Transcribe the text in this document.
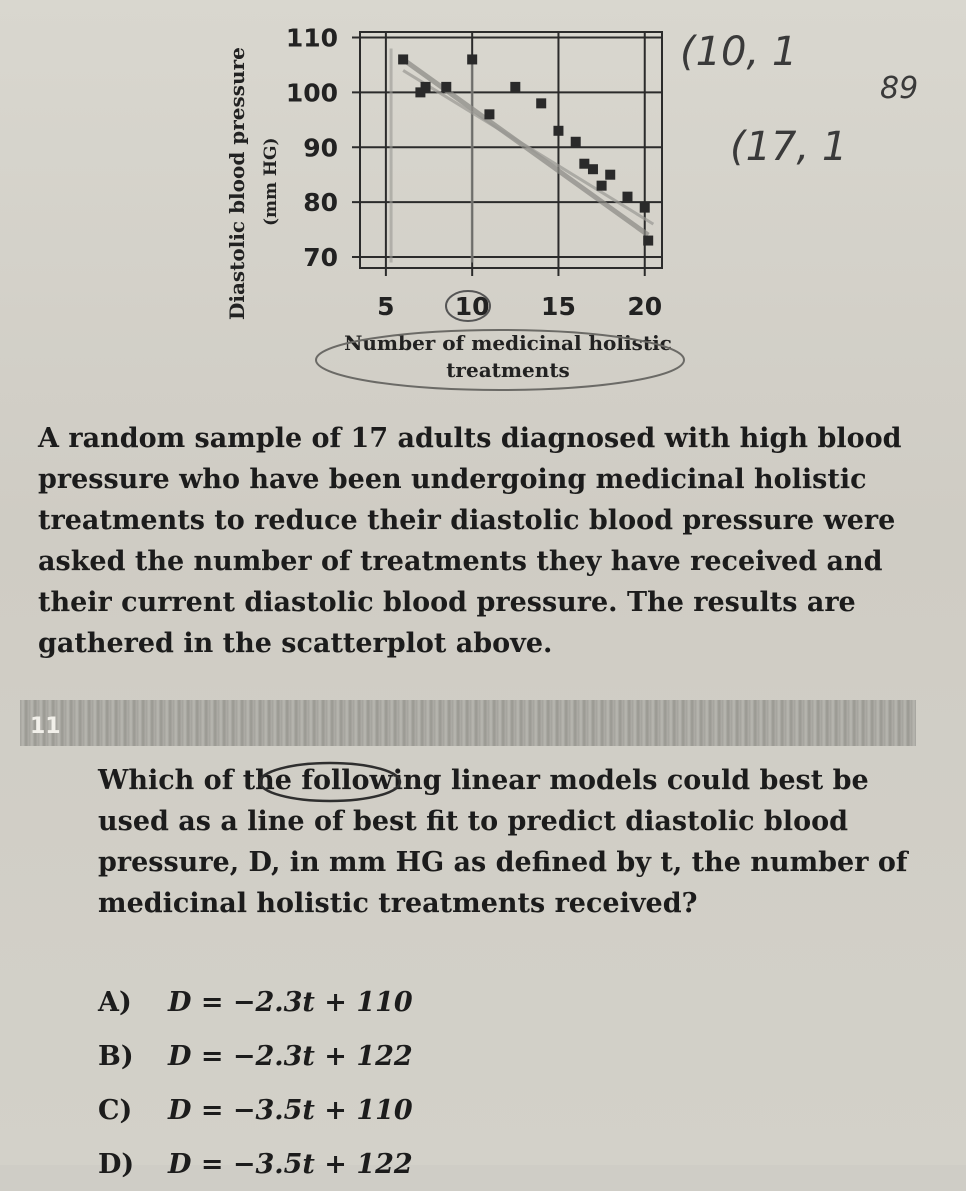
70
80
90
100
110
5 10 15 20
Diastolic blood pressure (mm HG)
Number of medicinal holistic
treatments
(10, 1
89
(17, 1
A random sample of 17 adults diagnosed with high blood pressure who have been undergoing medicinal holistic treatments to reduce their diastolic blood pressure were asked the number of treatments they have received and their current diastolic blood pressure. The results are gathered in the scatterplot above.
11
Which of the following linear models could best be used as a line of best fit to predict diastolic blood pressure, D, in mm HG as defined by t, the number of medicinal holistic treatments received?
A)	D = −2.3t + 110
B)	D = −2.3t + 122
C)	D = −3.5t + 110
D)	D = −3.5t + 122
